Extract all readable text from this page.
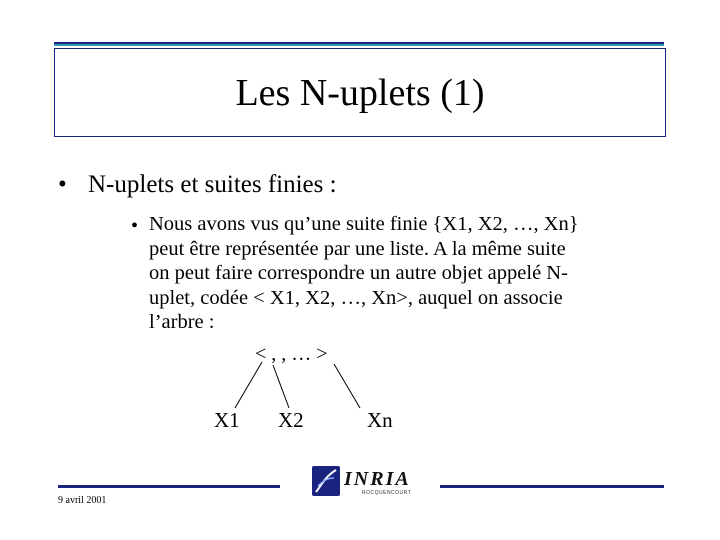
Les N-uplets (1)
• N-uplets et suites finies :
• Nous avons vus qu’une suite finie {X1, X2, …, Xn}
peut être représentée par une liste. A la même suite
on peut faire correspondre un autre objet appelé N-
uplet, codée < X1, X2, …, Xn>, auquel on associe
l’arbre :
< , , … >
X1 X2	Xn
INRIA
ROCQUENCOURT
9 avril 2001
